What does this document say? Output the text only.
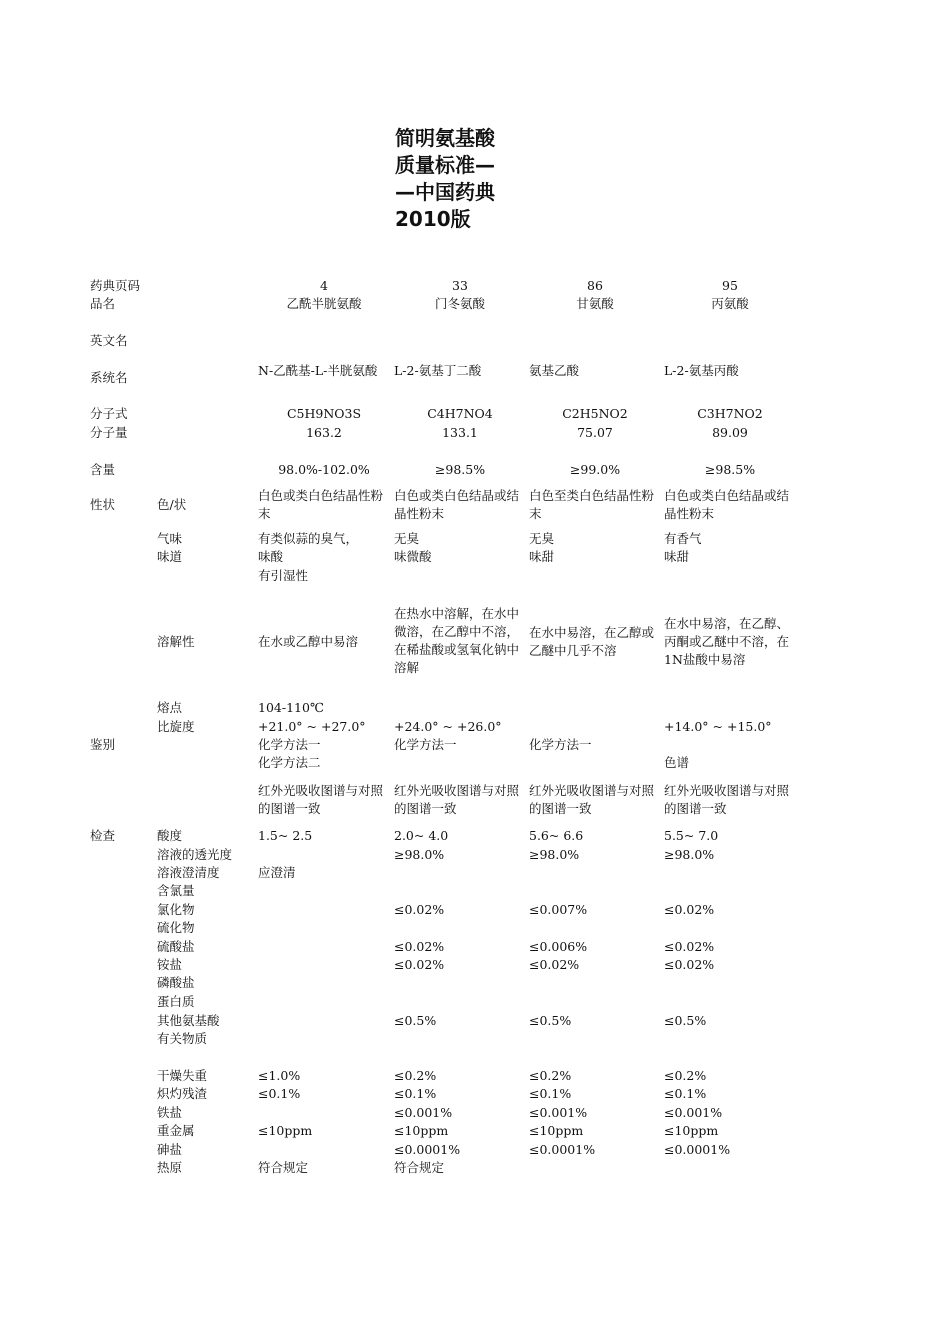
简明氨基酸
质量标准—
—中国药典
2010版
药典页码
品名
英文名
系统名
分子式
分子量
含量
性状
鉴别
检查
色/状
气味
味道
溶解性
熔点
比旋度
酸度
溶液的透光度
溶液澄清度
含氯量
氯化物
硫化物
硫酸盐
铵盐
磷酸盐
蛋白质
其他氨基酸
有关物质
干燥失重
炽灼残渣
铁盐
重金属
砷盐
热原
4
乙酰半胱氨酸
N-乙酰基-L-半胱氨酸
C5H9NO3S
163.2
98.0%-102.0%
白色或类白色结晶性粉末
有类似蒜的臭气，
味酸
有引湿性
104-110℃
+21.0° ~ +27.0°
化学方法一
化学方法二
红外光吸收图谱与对照的图谱一致
1.5~ 2.5
应澄清
≤1.0%
≤0.1%
≤10ppm
符合规定
在水或乙醇中易溶
33
门冬氨酸
L-2-氨基丁二酸
C4H7NO4
133.1
≥98.5%
白色或类白色结晶或结晶性粉末
无臭
味微酸
+24.0° ~ +26.0°
化学方法一
红外光吸收图谱与对照的图谱一致
2.0~ 4.0
≥98.0%
≤0.02%
≤0.02%
≤0.02%
≤0.5%
≤0.2%
≤0.1%
≤0.001%
≤10ppm
≤0.0001%
符合规定
在热水中溶解，在水中微溶，在乙醇中不溶，在稀盐酸或氢氧化钠中溶解
86
甘氨酸
氨基乙酸
C2H5NO2
75.07
≥99.0%
白色至类白色结晶性粉末
无臭
味甜
化学方法一
红外光吸收图谱与对照的图谱一致
5.6~ 6.6
≥98.0%
≤0.007%
≤0.006%
≤0.02%
≤0.5%
≤0.2%
≤0.1%
≤0.001%
≤10ppm
≤0.0001%
在水中易溶，在乙醇或乙醚中几乎不溶
95
丙氨酸
L-2-氨基丙酸
C3H7NO2
89.09
≥98.5%
白色或类白色结晶或结晶性粉末
有香气
味甜
+14.0° ~ +15.0°
色谱
红外光吸收图谱与对照的图谱一致
5.5~ 7.0
≥98.0%
≤0.02%
≤0.02%
≤0.02%
≤0.5%
≤0.2%
≤0.1%
≤0.001%
≤10ppm
≤0.0001%
在水中易溶，在乙醇、丙酮或乙醚中不溶，在1N盐酸中易溶
